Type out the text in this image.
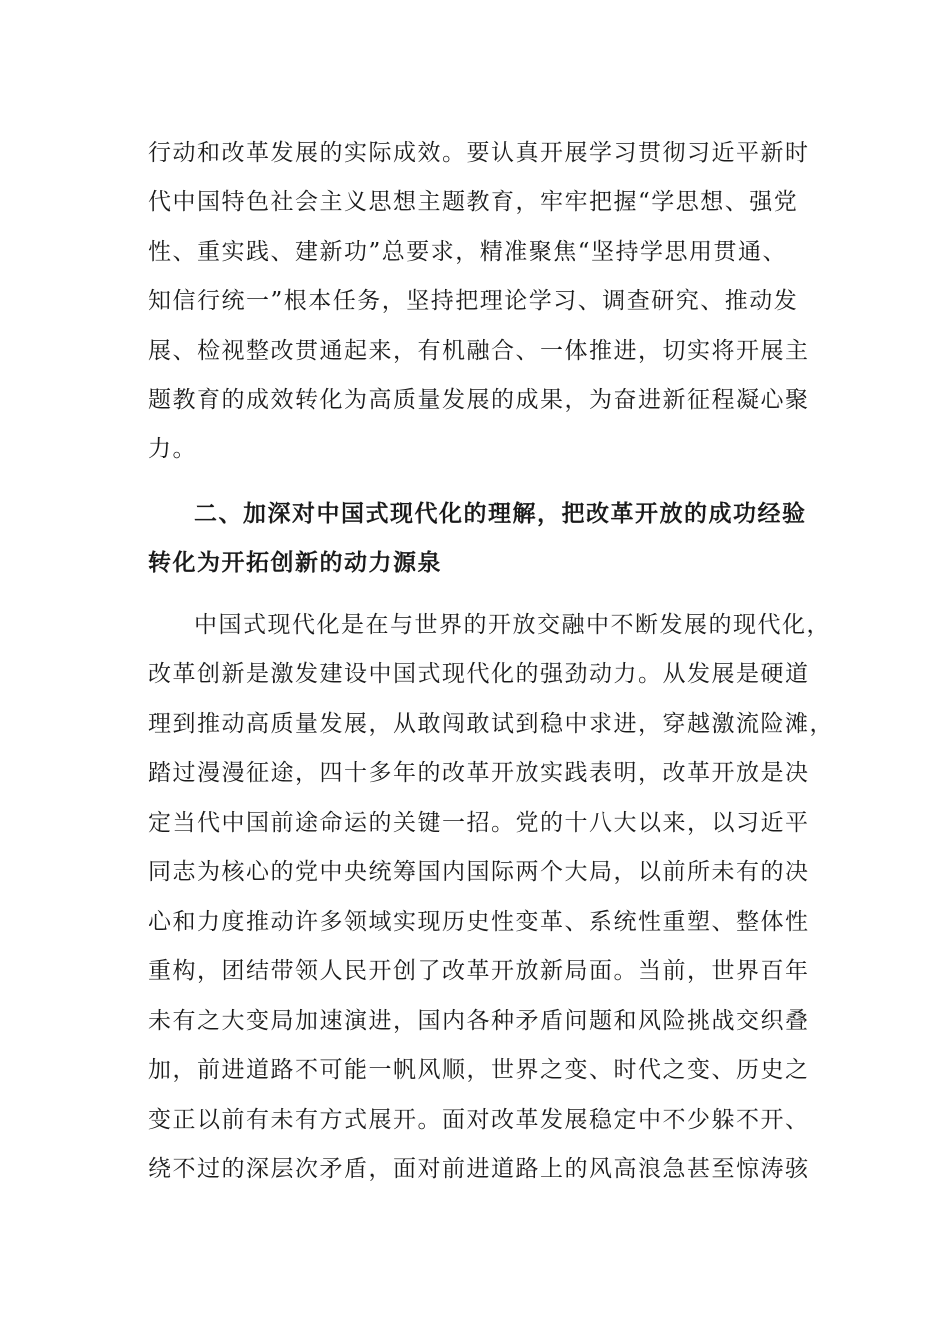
行动和改革发展的实际成效。要认真开展学习贯彻习近平新时
代中国特色社会主义思想主题教育，牢牢把握“学思想、强党
性、重实践、建新功”总要求，精准聚焦“坚持学思用贯通、
知信行统一”根本任务，坚持把理论学习、调查研究、推动发
展、检视整改贯通起来，有机融合、一体推进，切实将开展主
题教育的成效转化为高质量发展的成果，为奋进新征程凝心聚
力。
二、加深对中国式现代化的理解，把改革开放的成功经验
转化为开拓创新的动力源泉
中国式现代化是在与世界的开放交融中不断发展的现代化，
改革创新是激发建设中国式现代化的强劲动力。从发展是硬道
理到推动高质量发展，从敢闯敢试到稳中求进，穿越激流险滩，
踏过漫漫征途，四十多年的改革开放实践表明，改革开放是决
定当代中国前途命运的关键一招。党的十八大以来，以习近平
同志为核心的党中央统筹国内国际两个大局，以前所未有的决
心和力度推动许多领域实现历史性变革、系统性重塑、整体性
重构，团结带领人民开创了改革开放新局面。当前，世界百年
未有之大变局加速演进，国内各种矛盾问题和风险挑战交织叠
加，前进道路不可能一帆风顺，世界之变、时代之变、历史之
变正以前有未有方式展开。面对改革发展稳定中不少躲不开、
绕不过的深层次矛盾，面对前进道路上的风高浪急甚至惊涛骇
